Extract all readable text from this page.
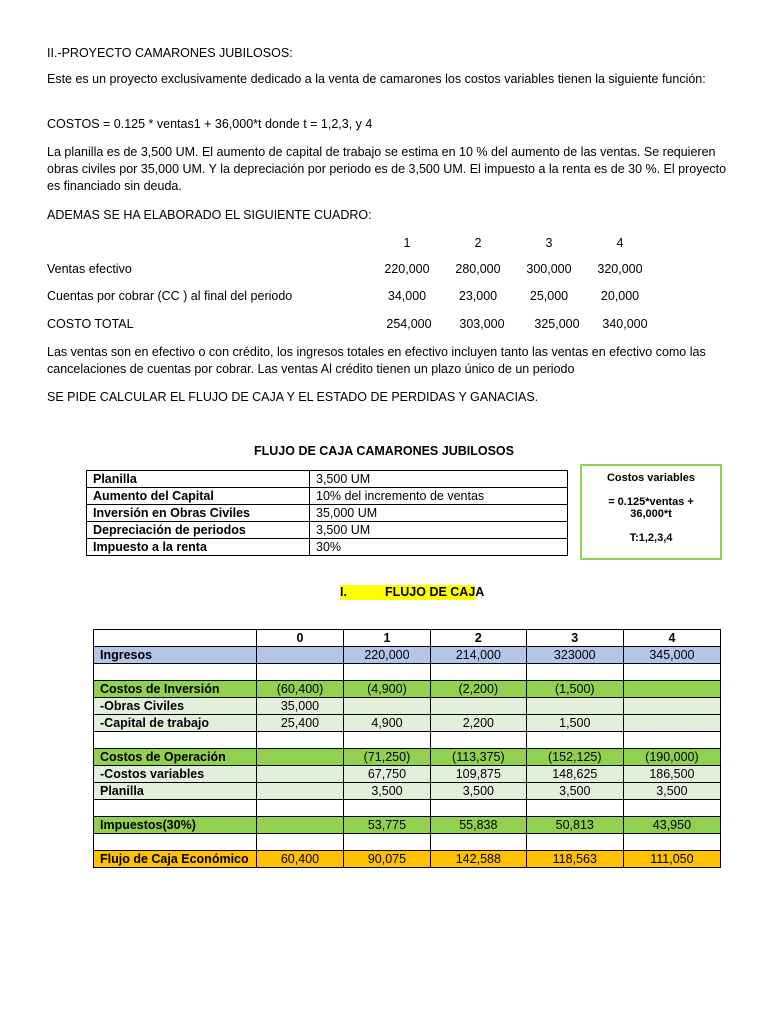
II.-PROYECTO CAMARONES JUBILOSOS:
Este es un proyecto exclusivamente dedicado a la venta de camarones los costos variables tienen la siguiente función:
COSTOS = 0.125 * ventas1 + 36,000*t donde t = 1,2,3, y 4
La planilla es de 3,500 UM. El aumento de capital de trabajo se estima en 10 % del aumento de las ventas. Se requieren obras civiles por 35,000 UM. Y la depreciación por periodo es de 3,500 UM. El impuesto a la renta es de 30 %. El proyecto es financiado sin deuda.
ADEMAS SE HA ELABORADO EL SIGUIENTE CUADRO:
1	2	3	4
Ventas efectivo	220,000	280,000	300,000	320,000
Cuentas por cobrar (CC ) al final del periodo	34,000	23,000	25,000	20,000
COSTO TOTAL	254,000	303,000	325,000	340,000
Las ventas son en efectivo o con crédito, los ingresos totales en efectivo incluyen tanto las ventas en efectivo como las cancelaciones de cuentas por cobrar. Las ventas Al crédito tienen un plazo único de un periodo
SE PIDE CALCULAR EL FLUJO DE CAJA Y EL ESTADO DE PERDIDAS Y GANACIAS.
FLUJO DE CAJA CAMARONES JUBILOSOS
Planilla	3,500 UM
Aumento del Capital	10% del incremento de ventas
Inversión en Obras Civiles	35,000 UM
Depreciación de periodos	3,500 UM
Impuesto a la renta	30%
Costos variables
= 0.125*ventas +
36,000*t
T:1,2,3,4
I.	FLUJO DE CAJA
	0	1	2	3	4
Ingresos		220,000	214,000	323000	345,000

Costos de Inversión	(60,400)	(4,900)	(2,200)	(1,500)	
-Obras Civiles	35,000				
-Capital de trabajo	25,400	4,900	2,200	1,500	

Costos de Operación		(71,250)	(113,375)	(152,125)	(190,000)
-Costos variables		67,750	109,875	148,625	186,500
Planilla		3,500	3,500	3,500	3,500

Impuestos(30%)		53,775	55,838	50,813	43,950

Flujo de Caja Económico	60,400	90,075	142,588	118,563	111,050
